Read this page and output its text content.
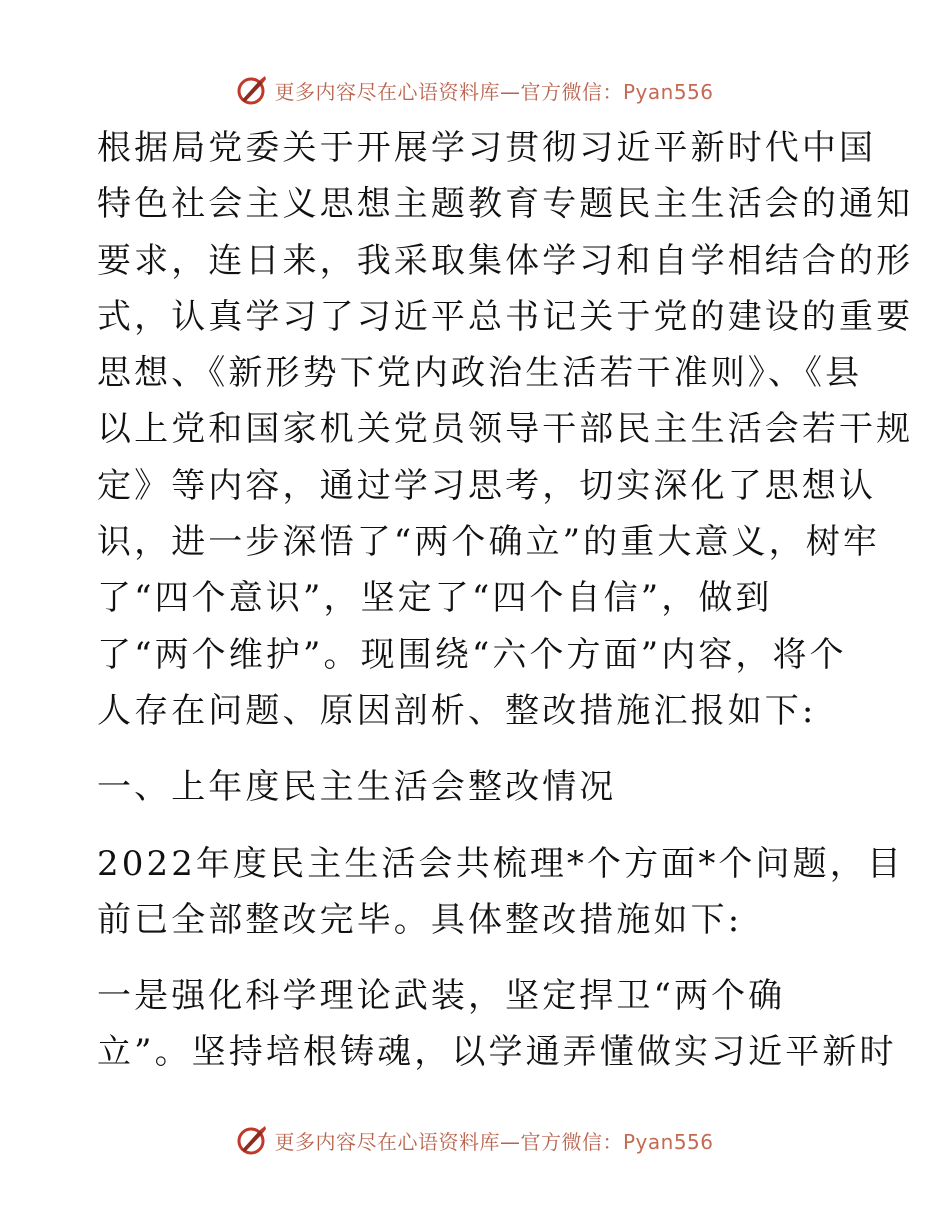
更多内容尽在心语资料库—官方微信：Pyan556
根据局党委关于开展学习贯彻习近平新时代中国
特色社会主义思想主题教育专题民主生活会的通知
要求，连日来，我采取集体学习和自学相结合的形
式，认真学习了习近平总书记关于党的建设的重要
思想、《新形势下党内政治生活若干准则》、《县
以上党和国家机关党员领导干部民主生活会若干规
定》等内容，通过学习思考，切实深化了思想认
识，进一步深悟了“两个确立”的重大意义，树牢
了“四个意识”，坚定了“四个自信”，做到
了“两个维护”。现围绕“六个方面”内容，将个
人存在问题、原因剖析、整改措施汇报如下:
一、上年度民主生活会整改情况
2022年度民主生活会共梳理*个方面*个问题，目
前已全部整改完毕。具体整改措施如下:
一是强化科学理论武装，坚定捍卫“两个确
立”。坚持培根铸魂，以学通弄懂做实习近平新时
更多内容尽在心语资料库—官方微信：Pyan556
